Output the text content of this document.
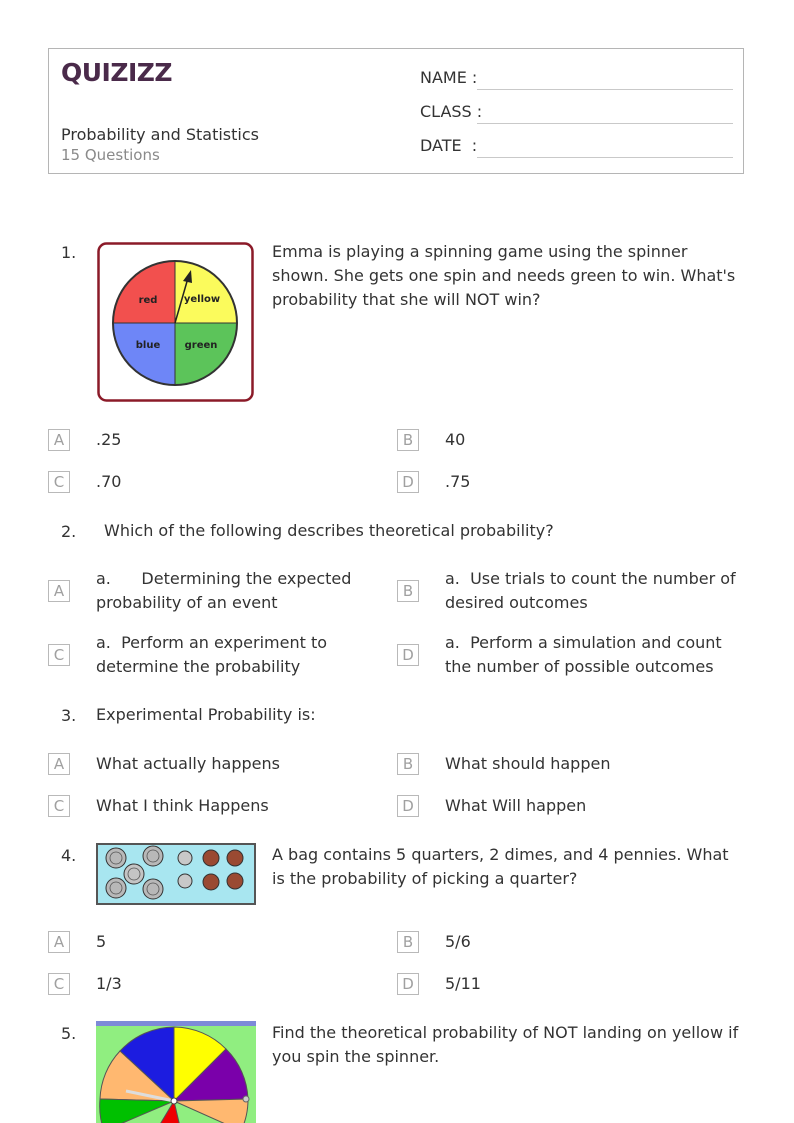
QUIZIZZ
Probability and Statistics
15 Questions
NAME :
CLASS :
DATE  :
1.
red	yellow
blue green
Emma is playing a spinning game using the spinner shown. She gets one spin and needs green to win. What's probability that she will NOT win?
A	.25	B	40
C	.70	D	.75
2. Which of the following describes theoretical probability?
A
a.      Determining the expected probability of an event
B
a.  Use trials to count the number of desired outcomes
C
a.  Perform an experiment to determine the probability
D
a.  Perform a simulation and count the number of possible outcomes
3. Experimental Probability is:
A	What actually happens	B	What should happen
C	What I think Happens	D	What Will happen
4.	A bag contains 5 quarters, 2 dimes, and 4 pennies. What is the probability of picking a quarter?
A	5	B	5/6
C	1/3	D	5/11
5.	Find the theoretical probability of NOT landing on yellow if you spin the spinner.
